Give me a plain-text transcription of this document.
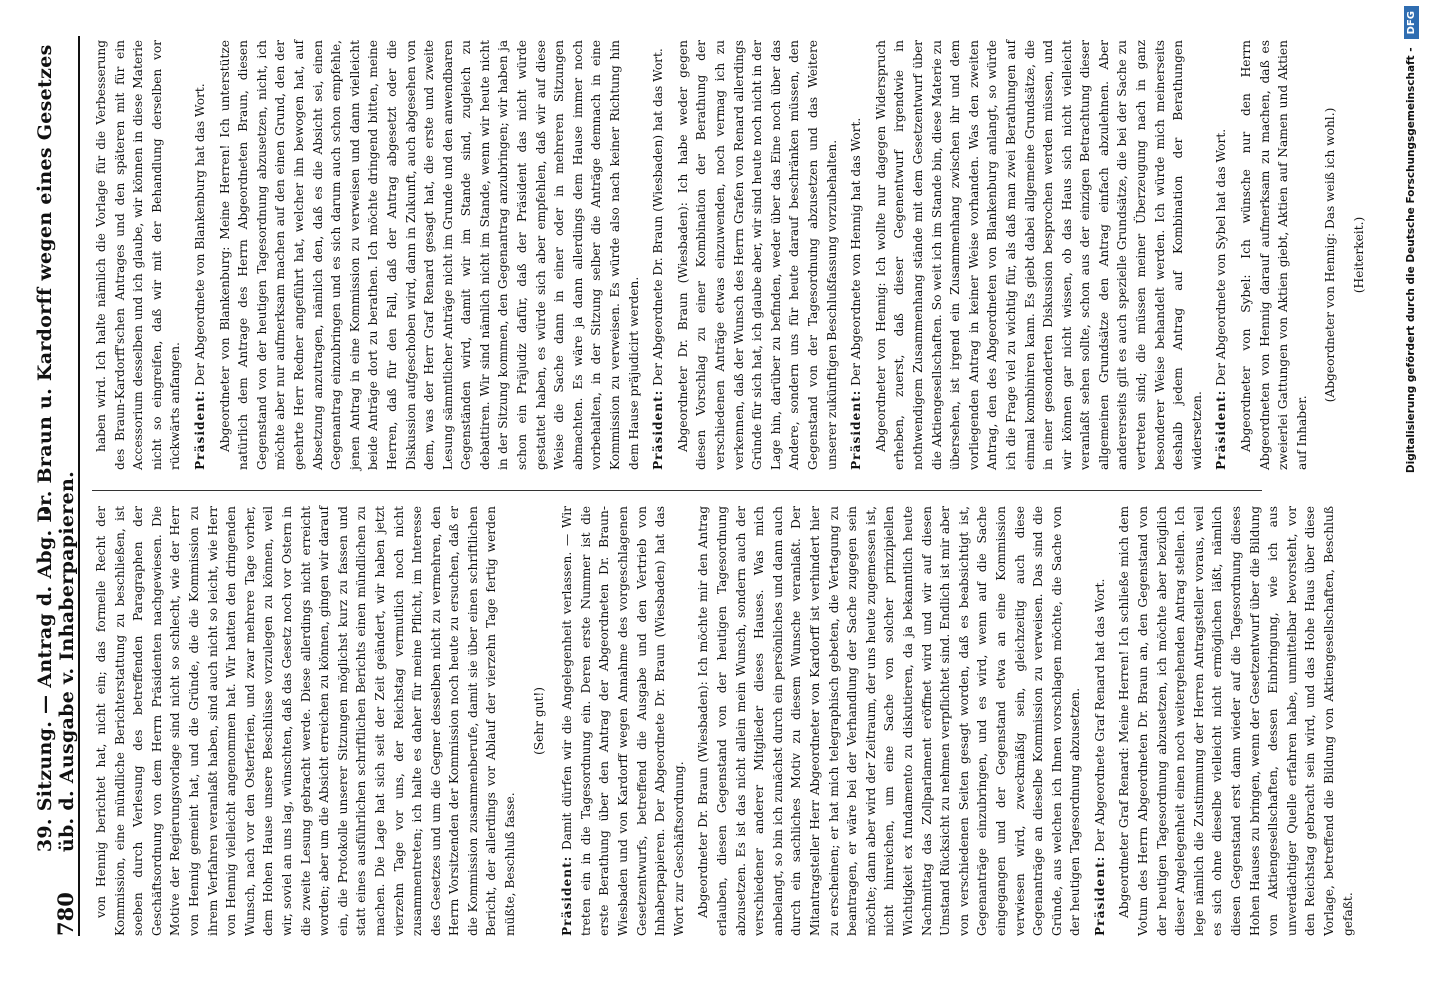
780
39. Sitzung. — Antrag d. Abg. Dr. Braun u. Kardorff wegen eines Gesetzes üb. d. Ausgabe v. Inhaberpapieren. von Hennig berichtet hat, nicht ein; das formelle Recht der Kommission, eine mündliche Berichterstattung zu beschließen, ist soeben durch Verlesung des betreffenden Paragraphen der Geschäftsordnung von dem Herrn Präsidenten nachgewiesen. Die Motive der Regierungsvorlage sind nicht so schlecht, wie der Herr von Hennig gemeint hat, und die Gründe, die die Kommission zu ihrem Verfahren veranlaßt haben, sind auch nicht so leicht, wie Herr von Hennig vielleicht angenommen hat. Wir hatten den dringenden Wunsch, nach vor den Osterferien, und zwar mehrere Tage vorher, dem Hohen Hause unsere Beschlüsse vorzulegen zu können, weil wir, soviel an uns lag, wünschten, daß das Gesetz noch vor Ostern in die zweite Lesung gebracht werde. Diese allerdings nicht erreicht worden; aber um die Absicht erreichen zu können, gingen wir darauf ein, die Protokolle unserer Sitzungen möglichst kurz zu fassen und statt eines ausführlichen schriftlichen Berichts einen mündlichen zu machen. Die Lage hat sich seit der Zeit geändert, wir haben jetzt vierzehn Tage vor uns, der Reichstag vermutlich noch nicht zusammentreten; ich halte es daher für meine Pflicht, im Interesse des Gesetzes und um die Gegner desselben nicht zu vermehren, den Herrn Vorsitzenden der Kommission noch heute zu ersuchen, daß er die Kommission zusammenberufe, damit sie über einen schriftlichen Bericht, der allerdings vor Ablauf der vierzehn Tage fertig werden müßte, Beschluß fasse.

(Sehr gut!)

Präsident: Damit dürfen wir die Angelegenheit verlassen. — Wir treten ein in die Tagesordnung ein. Deren erste Nummer ist die erste Berathung über den Antrag der Abgeordneten Dr. Braun-Wiesbaden und von Kardorff wegen Annahme des vorgeschlagenen Gesetzentwurfs, betreffend die Ausgabe und den Vertrieb von Inhaberpapieren. Der Abgeordnete Dr. Braun (Wiesbaden) hat das Wort zur Geschäftsordnung. Abgeordneter Dr. Braun (Wiesbaden): Ich möchte mir den Antrag erlauben, diesen Gegenstand von der heutigen Tagesordnung abzusetzen. Es ist das nicht allein mein Wunsch, sondern auch der verschiedener anderer Mitglieder dieses Hauses. Was mich anbelangt, so bin ich zunächst durch ein persönliches und dann auch durch ein sachliches Motiv zu diesem Wunsche veranlaßt. Der Mitantragsteller Herr Abgeordneter von Kardorff ist verhindert hier zu erscheinen; er hat mich telegraphisch gebeten, die Vertagung zu beantragen, er wäre bei der Verhandlung der Sache zugegen sein möchte; dann aber wird der Zeitraum, der uns heute zugemessen ist, nicht hinreichen, um eine Sache von solcher prinzipiellen Wichtigkeit ex fundamento zu diskutieren, da ja bekanntlich heute Nachmittag das Zollparlament eröffnet wird und wir auf diesen Umstand Rücksicht zu nehmen verpflichtet sind. Endlich ist mir aber von verschiedenen Seiten gesagt worden, daß es beabsichtigt ist, Gegenanträge einzubringen, und es wird, wenn auf die Sache eingegangen und der Gegenstand etwa an eine Kommission verwiesen wird, zweckmäßig sein, gleichzeitig auch diese Gegenanträge an dieselbe Kommission zu verweisen. Das sind die Gründe, aus welchen ich Ihnen vorschlagen möchte, die Sache von der heutigen Tagesordnung abzusetzen. Präsident: Der Abgeordnete Graf Renard hat das Wort. Abgeordneter Graf Renard: Meine Herren! Ich schließe mich dem Votum des Herrn Abgeordneten Dr. Braun an, den Gegenstand von der heutigen Tagesordnung abzusetzen, ich möchte aber bezüglich dieser Angelegenheit einen noch weitergehenden Antrag stellen. Ich lege nämlich die Zustimmung der Herren Antragsteller voraus, weil es sich ohne dieselbe vielleicht nicht ermöglichen läßt, nämlich diesen Gegenstand erst dann wieder auf die Tagesordnung dieses Hohen Hauses zu bringen, wenn der Gesetzentwurf über die Bildung von Aktiengesellschaften, dessen Einbringung, wie ich aus unverdächtiger Quelle erfahren habe, unmittelbar bevorsteht, vor den Reichstag gebracht sein wird, und das Hohe Haus über diese Vorlage, betreffend die Bildung von Aktiengesellschaften, Beschluß gefaßt.

haben wird. Ich halte nämlich die Vorlage für die Verbesserung des Braun-Kardorff'schen Antrages und den späteren mit für ein Accessorium desselben und ich glaube, wir können in diese Materie nicht so eingreifen, daß wir mit der Behandlung derselben vor rückwärts anfangen. Präsident: Der Abgeordnete von Blankenburg hat das Wort. Abgeordneter von Blankenburg: Meine Herren! Ich unterstütze natürlich dem Antrage des Herrn Abgeordneten Braun, diesen Gegenstand von der heutigen Tagesordnung abzusetzen, nicht, ich möchte aber nur aufmerksam machen auf den einen Grund, den der geehrte Herr Redner angeführt hat, welcher ihn bewogen hat, auf Absetzung anzutragen, nämlich den, daß es die Absicht sei, einen Gegenantrag einzubringen und es sich darum auch schon empfehle, jenen Antrag in eine Kommission zu verweisen und dann vielleicht beide Anträge dort zu berathen. Ich möchte dringend bitten, meine Herren, daß für den Fall, daß der Antrag abgesetzt oder die Diskussion aufgeschoben wird, dann in Zukunft, auch abgesehen von dem, was der Herr Graf Renard gesagt hat, die erste und zweite Lesung sämmtlicher Anträge nicht im Grunde und den anwendbaren Gegenständen wird, damit wir im Stande sind, zugleich zu debattiren. Wir sind nämlich nicht im Stande, wenn wir heute nicht in der Sitzung kommen, den Gegenantrag anzubringen; wir haben ja schon ein Präjudiz dafür, daß der Präsident das nicht würde gestattet haben, es würde sich aber empfehlen, daß wir auf diese Weise die Sache dann in einer oder in mehreren Sitzungen abmachten. Es wäre ja dann allerdings dem Hause immer noch vorbehalten, in der Sitzung selber die Anträge demnach in eine Kommission zu verweisen. Es würde also nach keiner Richtung hin dem Hause präjudicirt werden. Präsident: Der Abgeordnete Dr. Braun (Wiesbaden) hat das Wort. Abgeordneter Dr. Braun (Wiesbaden): Ich habe weder gegen diesen Vorschlag zu einer Kombination der Berathung der verschiedenen Anträge etwas einzuwenden, noch vermag ich zu verkennen, daß der Wunsch des Herrn Grafen von Renard allerdings Gründe für sich hat, ich glaube aber, wir sind heute noch nicht in der Lage hin, darüber zu befinden, weder über das Eine noch über das Andere, sondern uns für heute darauf beschränken müssen, den Gegenstand von der Tagesordnung abzusetzen und das Weitere unserer zukünftigen Beschlußfassung vorzubehalten. Präsident: Der Abgeordnete von Hennig hat das Wort. Abgeordneter von Hennig: Ich wollte nur dagegen Widerspruch erheben, zuerst, daß dieser Gegenentwurf irgendwie in nothwendigem Zusammenhang stände mit dem Gesetzentwurf über die Aktiengesellschaften. So weit ich im Stande bin, diese Materie zu übersehen, ist irgend ein Zusammenhang zwischen ihr und dem vorliegenden Antrag in keiner Weise vorhanden. Was den zweiten Antrag, den des Abgeordneten von Blankenburg anlangt, so würde ich die Frage viel zu wichtig für, als daß man zwei Berathungen auf einmal kombiniren kann. Es giebt dabei allgemeine Grundsätze, die in einer gesonderten Diskussion besprochen werden müssen, und wir können gar nicht wissen, ob das Haus sich nicht vielleicht veranlaßt sehen sollte, schon aus der einzigen Betrachtung dieser allgemeinen Grundsätze den Antrag einfach abzulehnen. Aber andererseits gilt es auch spezielle Grundsätze, die bei der Sache zu vertreten sind; die müssen meiner Überzeugung nach in ganz besonderer Weise behandelt werden. Ich würde mich meinerseits deshalb jedem Antrag auf Kombination der Berathungen widersetzen. Präsident: Der Abgeordnete von Sybel hat das Wort. Abgeordneter von Sybel: Ich wünsche nur den Herrn Abgeordneten von Hennig darauf aufmerksam zu machen, daß es zweierlei Gattungen von Aktien giebt, Aktien auf Namen und Aktien auf Inhaber.

(Abgeordneter von Hennig: Das weiß ich wohl.) (Heiterkeit.)	Digitalisierung gefördert durch die Deutsche Forschungsgemeinschaft -
DFG
